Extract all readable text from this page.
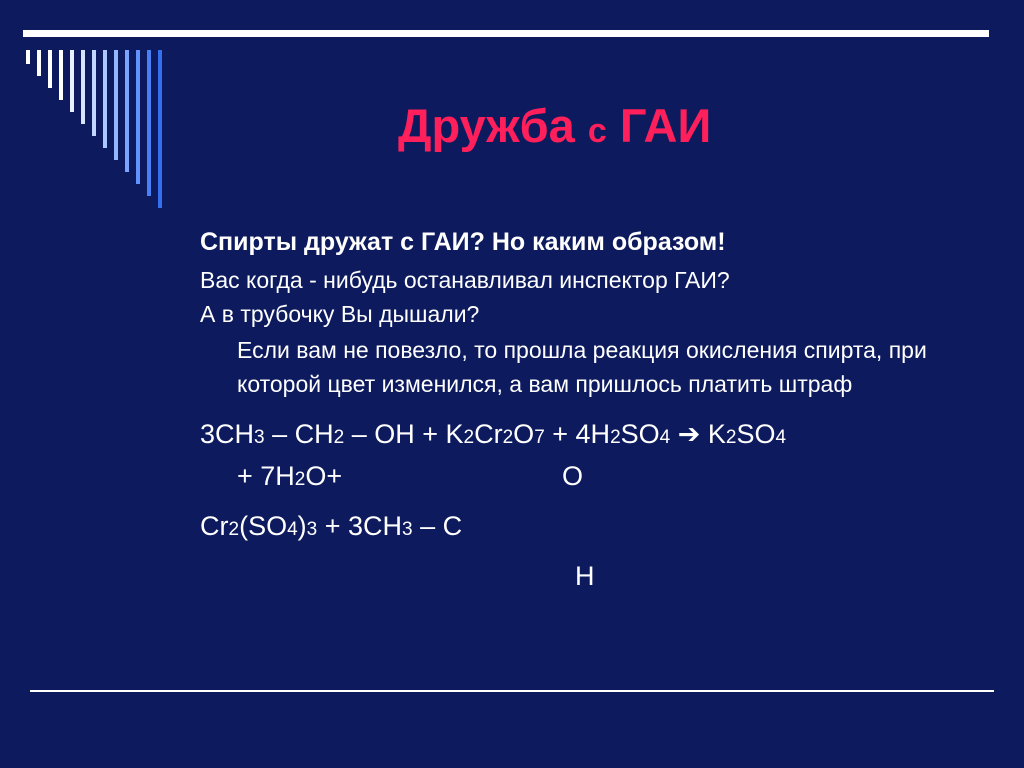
Дружба с ГАИ
Спирты дружат с ГАИ? Но каким образом!
Вас когда - нибудь останавливал инспектор ГАИ?
А в трубочку Вы дышали?
Если вам не повезло, то прошла реакция окисления спирта, при которой цвет изменился, а вам пришлось платить штраф
3CH3 – CH2 – OH + K2Cr2O7 + 4H2SO4 ➔ K2SO4
+ 7H2O+	O
Cr2(SO4)3 + 3CH3 – C
H
